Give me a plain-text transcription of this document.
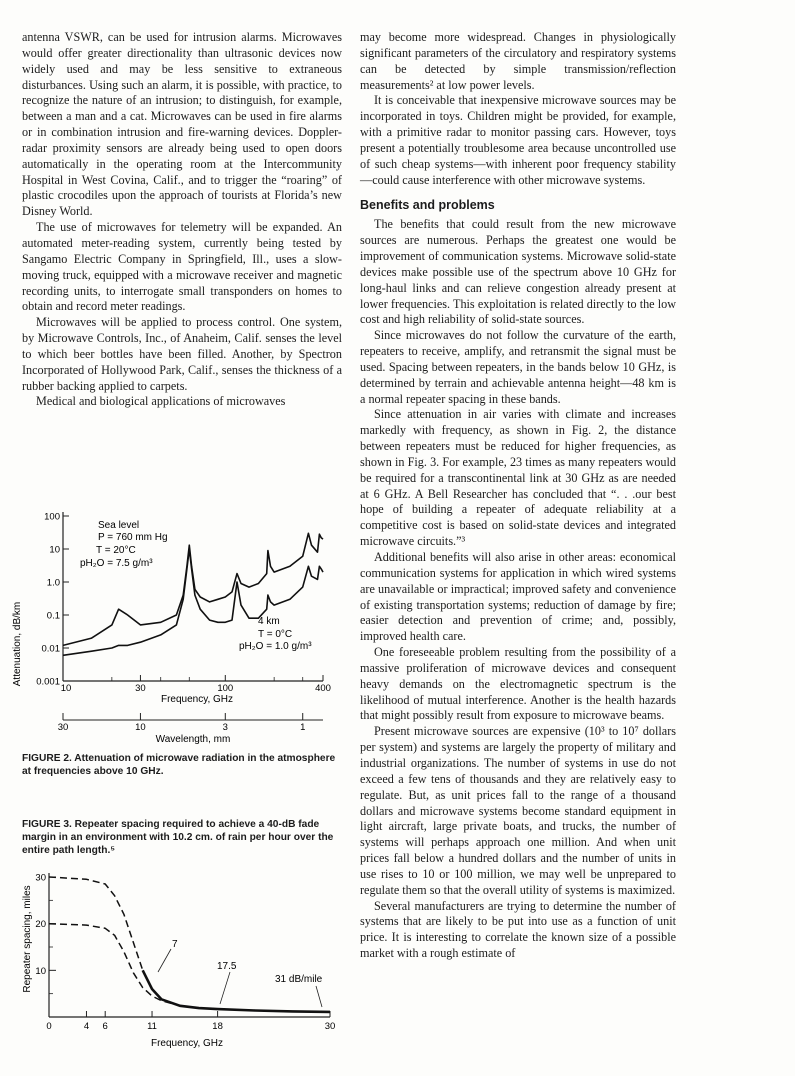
antenna VSWR, can be used for intrusion alarms. Microwaves would offer greater directionality than ultrasonic devices now widely used and may be less sensitive to extraneous disturbances. Using such an alarm, it is possible, with practice, to recognize the nature of an intrusion; to distinguish, for example, between a man and a cat. Microwaves can be used in fire alarms or in combination intrusion and fire-warning devices. Doppler-radar proximity sensors are already being used to open doors automatically in the operating room at the Intercommunity Hospital in West Covina, Calif., and to trigger the “roaring” of plastic crocodiles upon the approach of tourists at Florida’s new Disney World.

The use of microwaves for telemetry will be expanded. An automated meter-reading system, currently being tested by Sangamo Electric Company in Springfield, Ill., uses a slow-moving truck, equipped with a microwave receiver and magnetic recording units, to interrogate small transponders on homes to obtain and record meter readings.

Microwaves will be applied to process control. One system, by Microwave Controls, Inc., of Anaheim, Calif. senses the level to which beer bottles have been filled. Another, by Spectron Incorporated of Hollywood Park, Calif., senses the thickness of a rubber backing applied to carpets.

Medical and biological applications of microwaves

may become more widespread. Changes in physiologically significant parameters of the circulatory and respiratory systems can be detected by simple transmission/reflection measurements² at low power levels.

It is conceivable that inexpensive microwave sources may be incorporated in toys. Children might be provided, for example, with a primitive radar to monitor passing cars. However, toys present a potentially troublesome area because uncontrolled use of such cheap systems—with inherent poor frequency stability—could cause interference with other microwave systems.

Benefits and problems

The benefits that could result from the new microwave sources are numerous. Perhaps the greatest one would be improvement of communication systems. Microwave solid-state devices make possible use of the spectrum above 10 GHz for long-haul links and can relieve congestion already present at lower frequencies. This exploitation is related directly to the low cost and high reliability of solid-state sources.

Since microwaves do not follow the curvature of the earth, repeaters to receive, amplify, and retransmit the signal must be used. Spacing between repeaters, in the bands below 10 GHz, is determined by terrain and achievable antenna height—48 km is a normal repeater spacing in these bands.

Since attenuation in air varies with climate and increases markedly with frequency, as shown in Fig. 2, the distance between repeaters must be reduced for higher frequencies, as shown in Fig. 3. For example, 23 times as many repeaters would be required for a transcontinental link at 30 GHz as are needed at 6 GHz. A Bell Researcher has concluded that “. . .our best hope of building a repeater of adequate reliability at a competitive cost is based on solid-state devices and integrated microwave circuits.”³

Additional benefits will also arise in other areas: economical communication systems for application in which wired systems are unavailable or impractical; improved safety and convenience of existing transportation systems; reduction of damage by fire; easier detection and prevention of crime; and, possibly, improved health care.

One foreseeable problem resulting from the possibility of a massive proliferation of microwave devices and consequent heavy demands on the electromagnetic spectrum is the likelihood of mutual interference. Another is the health hazards that might possibly result from exposure to microwave beams.

Present microwave sources are expensive (10³ to 10⁷ dollars per system) and systems are largely the property of military and industrial organizations. The number of systems in use do not exceed a few tens of thousands and they are relatively easy to regulate. But, as unit prices fall to the range of a thousand dollars and microwave systems become standard equipment in light aircraft, large private boats, and trucks, the number of systems will perhaps approach one million. And when unit prices fall below a hundred dollars and the number of units in use rises to 10 or 100 million, we may well be unprepared to regulate them so that the overall utility of systems is maximized.

Several manufacturers are trying to determine the number of systems that are likely to be put into use as a function of unit price. It is interesting to correlate the known size of a possible market with a rough estimate of

100
10
1.0
0.1
0.01
0.001
10	30	100	400
30	10	3	1
Attenuation, dB/km
Frequency, GHz
Wavelength, mm
Sea level
P = 760 mm Hg
T = 20°C
pH₂O = 7.5 g/m³
4 km
T = 0°C
pH₂O = 1.0 g/m³
FIGURE 2. Attenuation of microwave radiation in the atmosphere at frequencies above 10 GHz.
FIGURE 3. Repeater spacing required to achieve a 40-dB fade margin in an environment with 10.2 cm. of rain per hour over the entire path length.⁵
10
20
30
0	4 6	11	18	30
Repeater spacing, miles
Frequency, GHz
7
17.5
31 dB/mile
